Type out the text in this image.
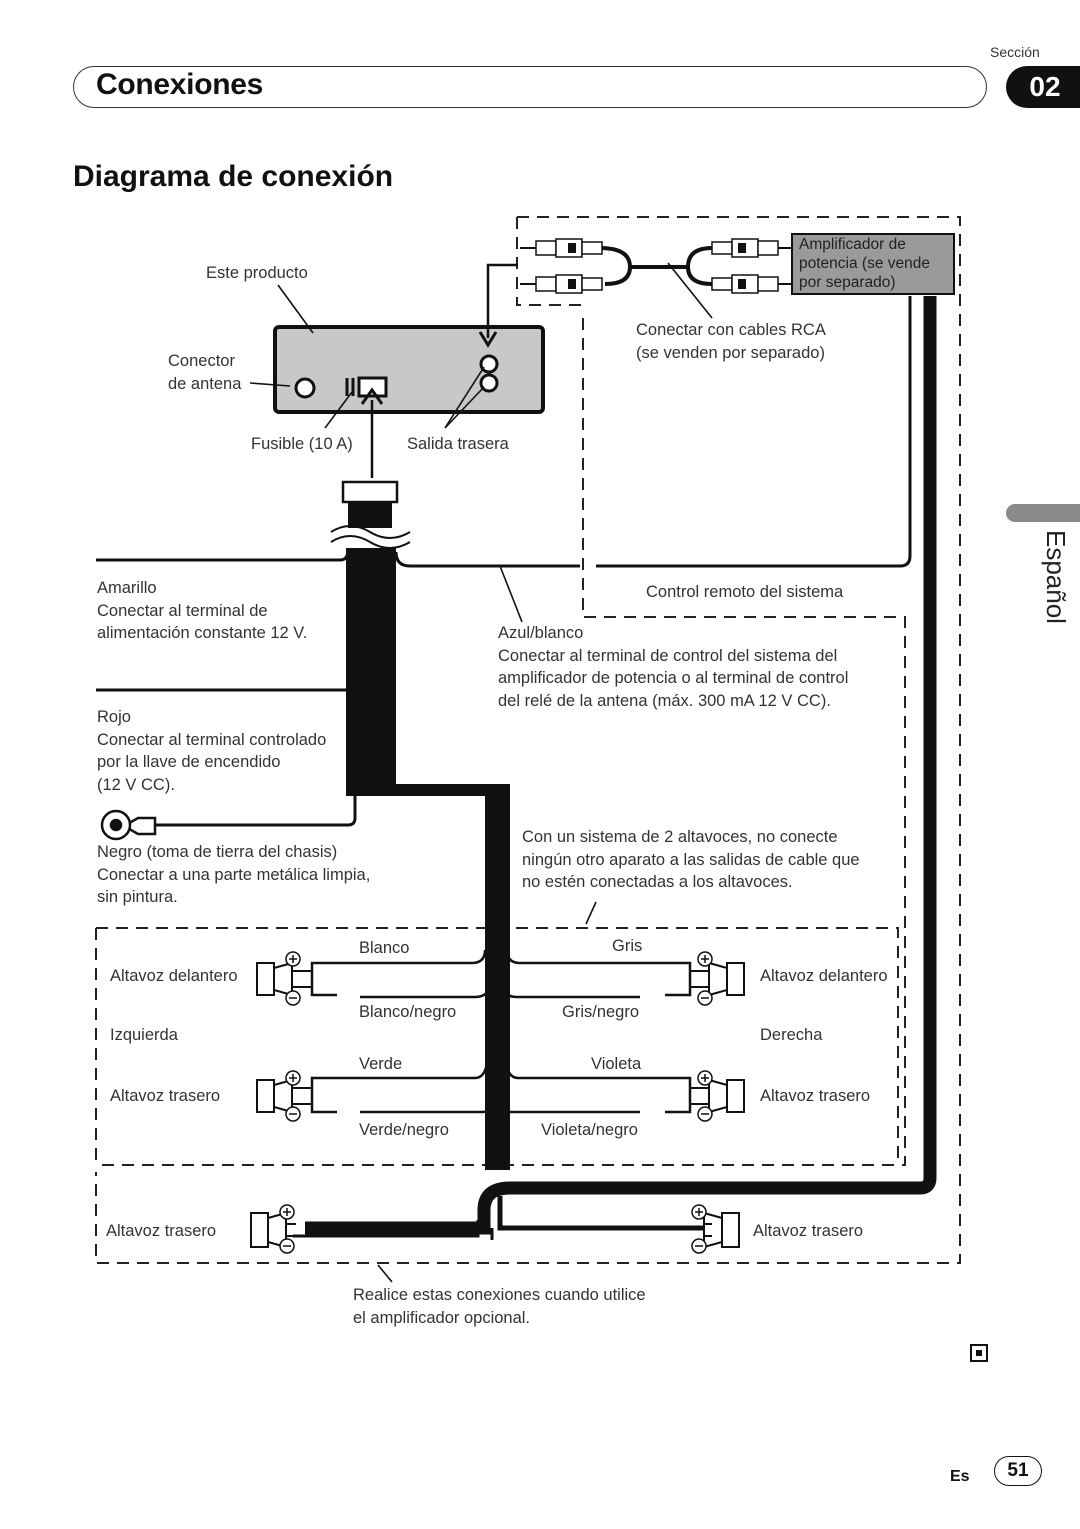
Sección
Conexiones	02
Diagrama de conexión
Español
Este producto
Conector
de antena
Fusible (10 A)	Salida trasera
Amplificador de
potencia (se vende
por separado)
Conectar con cables RCA
(se venden por separado)
Control remoto del sistema
Amarillo
Conectar al terminal de
alimentación constante 12 V.	Azul/blanco
Conectar al terminal de control del sistema del
amplificador de potencia o al terminal de control
del relé de la antena (máx. 300 mA 12 V CC).
Rojo
Conectar al terminal controlado
por la llave de encendido
(12 V CC).
Negro (toma de tierra del chasis)
Conectar a una parte metálica limpia,
sin pintura.
Con un sistema de 2 altavoces, no conecte
ningún otro aparato a las salidas de cable que
no estén conectadas a los altavoces.
Altavoz delantero
Izquierda
Altavoz trasero
Altavoz delantero
Derecha
Altavoz trasero
Blanco
Blanco/negro
Verde
Verde/negro
Gris
Gris/negro
Violeta
Violeta/negro
Altavoz trasero	Altavoz trasero
Realice estas conexiones cuando utilice
el amplificador opcional.
Es	51
